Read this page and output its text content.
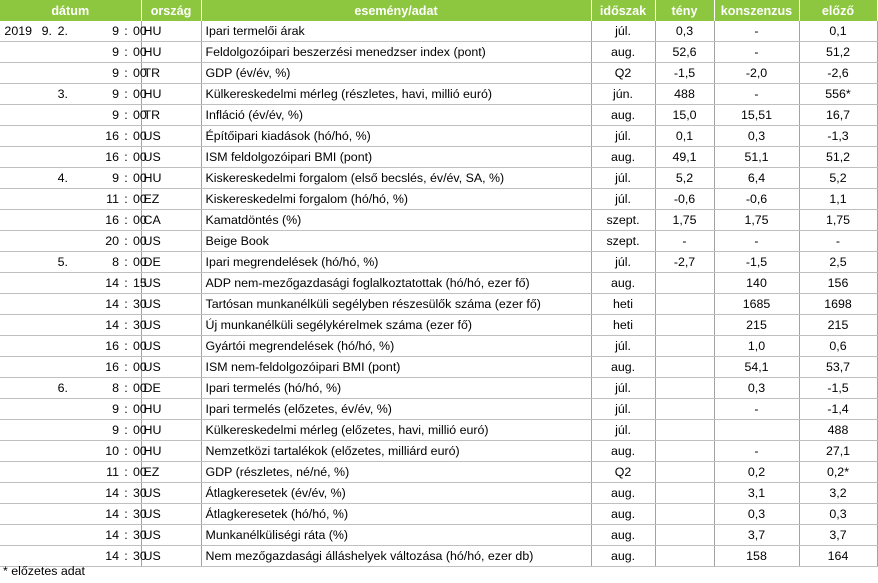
dátum		ország	esemény/adat	időszak	tény	konszenzus	előző
2019 9. 2.	9 : 00	HU	Ipari termelői árak	júl.	0,3	-	0,1
	9 : 00	HU	Feldolgozóipari beszerzési menedzser index (pont)	aug.	52,6	-	51,2
	9 : 00	TR	GDP (év/év, %)	Q2	-1,5	-2,0	-2,6
3.	9 : 00	HU	Külkereskedelmi mérleg (részletes, havi, millió euró)	jún.	488	-	556*
	9 : 00	TR	Infláció (év/év, %)	aug.	15,0	15,51	16,7
	16 : 00	US	Építőipari kiadások (hó/hó, %)	júl.	0,1	0,3	-1,3
	16 : 00	US	ISM feldolgozóipari BMI (pont)	aug.	49,1	51,1	51,2
4.	9 : 00	HU	Kiskereskedelmi forgalom (első becslés, év/év, SA, %)	júl.	5,2	6,4	5,2
	11 : 00	EZ	Kiskereskedelmi forgalom (hó/hó, %)	júl.	-0,6	-0,6	1,1
	16 : 00	CA	Kamatdöntés (%)	szept.	1,75	1,75	1,75
	20 : 00	US	Beige Book	szept.	-	-	-
5.	8 : 00	DE	Ipari megrendelések (hó/hó, %)	júl.	-2,7	-1,5	2,5
	14 : 15	US	ADP nem-mezőgazdasági foglalkoztatottak (hó/hó, ezer fő)	aug.		140	156
	14 : 30	US	Tartósan munkanélküli segélyben részesülők száma (ezer fő)	heti		1685	1698
	14 : 30	US	Új munkanélküli segélykérelmek száma (ezer fő)	heti		215	215
	16 : 00	US	Gyártói megrendelések (hó/hó, %)	júl.		1,0	0,6
	16 : 00	US	ISM nem-feldolgozóipari BMI (pont)	aug.		54,1	53,7
6.	8 : 00	DE	Ipari termelés (hó/hó, %)	júl.		0,3	-1,5
	9 : 00	HU	Ipari termelés (előzetes, év/év, %)	júl.		-	-1,4
	9 : 00	HU	Külkereskedelmi mérleg (előzetes, havi, millió euró)	júl.			488
	10 : 00	HU	Nemzetközi tartalékok (előzetes, milliárd euró)	aug.		-	27,1
	11 : 00	EZ	GDP (részletes, né/né, %)	Q2		0,2	0,2*
	14 : 30	US	Átlagkeresetek (év/év, %)	aug.		3,1	3,2
	14 : 30	US	Átlagkeresetek (hó/hó, %)	aug.		0,3	0,3
	14 : 30	US	Munkanélküliségi ráta (%)	aug.		3,7	3,7
	14 : 30	US	Nem mezőgazdasági álláshelyek változása (hó/hó, ezer db)	aug.		158	164
* előzetes adat
